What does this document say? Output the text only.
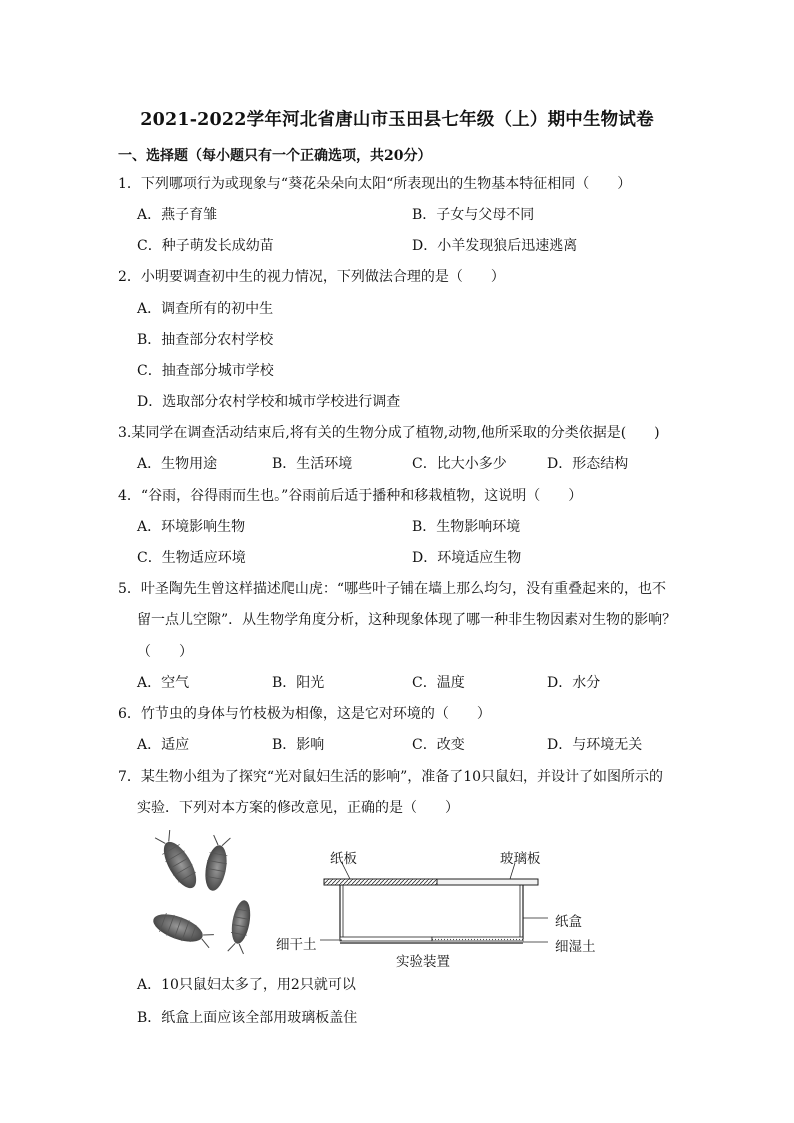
2021-2022学年河北省唐山市玉田县七年级（上）期中生物试卷
一、选择题（每小题只有一个正确选项，共20分）
1．下列哪项行为或现象与“葵花朵朵向太阳“所表现出的生物基本特征相同（　　）
A．燕子育雏	B．子女与父母不同
C．种子萌发长成幼苗	D．小羊发现狼后迅速逃离
2．小明要调查初中生的视力情况，下列做法合理的是（　　）
A．调查所有的初中生
B．抽查部分农村学校
C．抽查部分城市学校
D．选取部分农村学校和城市学校进行调查
3.某同学在调查活动结束后,将有关的生物分成了植物,动物,他所采取的分类依据是(　　)
A．生物用途	B．生活环境	C．比大小多少	D．形态结构
4．“谷雨，谷得雨而生也。”谷雨前后适于播种和移栽植物，这说明（　　）
A．环境影响生物	B．生物影响环境
C．生物适应环境	D．环境适应生物
5．叶圣陶先生曾这样描述爬山虎：“哪些叶子铺在墙上那么均匀，没有重叠起来的，也不
留一点儿空隙”．从生物学角度分析，这种现象体现了哪一种非生物因素对生物的影响？
（　　）
A．空气	B．阳光	C．温度	D．水分
6．竹节虫的身体与竹枝极为相像，这是它对环境的（　　）
A．适应	B．影响	C．改变	D．与环境无关
7．某生物小组为了探究“光对鼠妇生活的影响”，准备了10只鼠妇，并设计了如图所示的
实验．下列对本方案的修改意见，正确的是（　　）
纸板	玻璃板
纸盒
细干土	细湿土
实验装置
A．10只鼠妇太多了，用2只就可以
B．纸盒上面应该全部用玻璃板盖住
